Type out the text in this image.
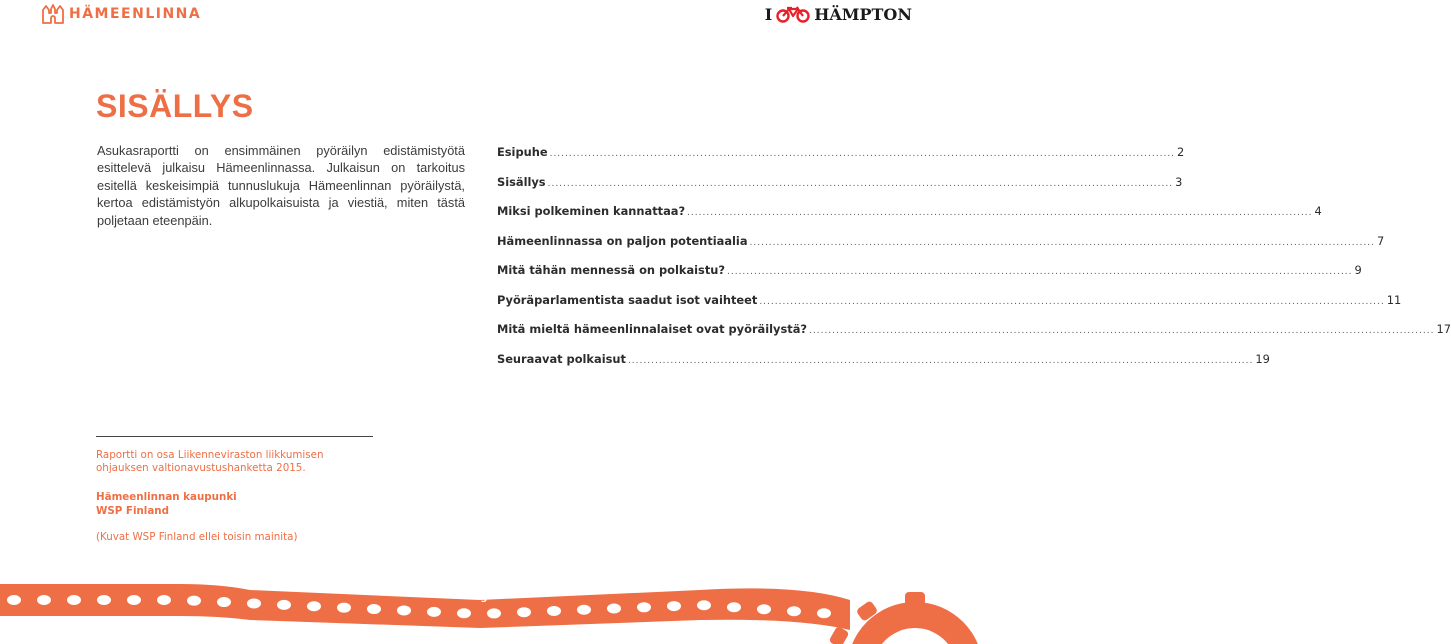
HÄMEENLINNA	I	HÄMPTON
SISÄLLYS

Asukasraportti on ensimmäinen pyöräilyn edistämistyötä esittelevä julkaisu Hämeenlinnassa. Julkaisun on tarkoitus esitellä keskeisimpiä tunnuslukuja Hämeenlinnan pyöräilystä, kertoa edistämistyön alkupolkaisuista ja viestiä, miten tästä poljetaan eteenpäin.

Esipuhe .................................................................................................................................................................. 2
Sisällys .................................................................................................................................................................. 3
Miksi polkeminen kannattaa? .................................................................................................................................................................. 4
Hämeenlinnassa on paljon potentiaalia .................................................................................................................................................................. 7
Mitä tähän mennessä on polkaistu? .................................................................................................................................................................. 9
Pyöräparlamentista saadut isot vaihteet .................................................................................................................................................................. 11
Mitä mieltä hämeenlinnalaiset ovat pyöräilystä? .................................................................................................................................................................. 17
Seuraavat polkaisut .................................................................................................................................................................. 19
Raportti on osa Liikenneviraston liikkumisen
ohjauksen valtionavustushanketta 2015.
Hämeenlinnan kaupunki
WSP Finland
(Kuvat WSP Finland ellei toisin mainita)
3
